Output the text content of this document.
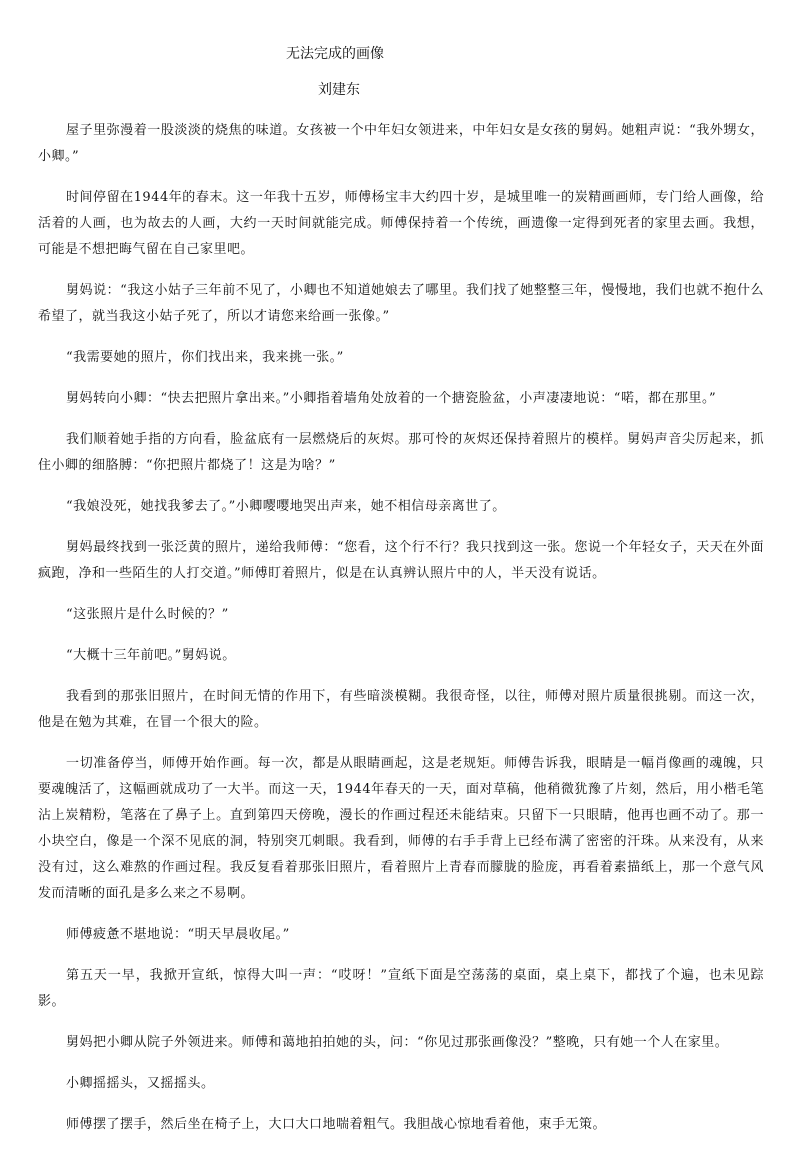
无法完成的画像
刘建东

屋子里弥漫着一股淡淡的烧焦的味道。女孩被一个中年妇女领进来，中年妇女是女孩的舅妈。她粗声说：“我外甥女，小卿。”

时间停留在1944年的春末。这一年我十五岁，师傅杨宝丰大约四十岁，是城里唯一的炭精画画师，专门给人画像，给活着的人画，也为故去的人画，大约一天时间就能完成。师傅保持着一个传统，画遗像一定得到死者的家里去画。我想，可能是不想把晦气留在自己家里吧。

舅妈说：“我这小姑子三年前不见了，小卿也不知道她娘去了哪里。我们找了她整整三年，慢慢地，我们也就不抱什么希望了，就当我这小姑子死了，所以才请您来给画一张像。”

“我需要她的照片，你们找出来，我来挑一张。”

舅妈转向小卿：“快去把照片拿出来。”小卿指着墙角处放着的一个搪瓷脸盆，小声凄凄地说：“喏，都在那里。”

我们顺着她手指的方向看，脸盆底有一层燃烧后的灰烬。那可怜的灰烬还保持着照片的模样。舅妈声音尖厉起来，抓住小卿的细胳膊：“你把照片都烧了！这是为啥？”

“我娘没死，她找我爹去了。”小卿嘤嘤地哭出声来，她不相信母亲离世了。

舅妈最终找到一张泛黄的照片，递给我师傅：“您看，这个行不行？我只找到这一张。您说一个年轻女子，天天在外面疯跑，净和一些陌生的人打交道。”师傅盯着照片，似是在认真辨认照片中的人，半天没有说话。

“这张照片是什么时候的？”

“大概十三年前吧。”舅妈说。

我看到的那张旧照片，在时间无情的作用下，有些暗淡模糊。我很奇怪，以往，师傅对照片质量很挑剔。而这一次，他是在勉为其难，在冒一个很大的险。

一切准备停当，师傅开始作画。每一次，都是从眼睛画起，这是老规矩。师傅告诉我，眼睛是一幅肖像画的魂魄，只要魂魄活了，这幅画就成功了一大半。而这一天，1944年春天的一天，面对草稿，他稍微犹豫了片刻，然后，用小楷毛笔沾上炭精粉，笔落在了鼻子上。直到第四天傍晚，漫长的作画过程还未能结束。只留下一只眼睛，他再也画不动了。那一小块空白，像是一个深不见底的洞，特别突兀刺眼。我看到，师傅的右手手背上已经布满了密密的汗珠。从来没有，从来没有过，这么难熬的作画过程。我反复看着那张旧照片，看着照片上青春而朦胧的脸庞，再看着素描纸上，那一个意气风发而清晰的面孔是多么来之不易啊。

师傅疲惫不堪地说：“明天早晨收尾。”

第五天一早，我掀开宣纸，惊得大叫一声：“哎呀！”宣纸下面是空荡荡的桌面，桌上桌下，都找了个遍，也未见踪影。

舅妈把小卿从院子外领进来。师傅和蔼地拍拍她的头，问：“你见过那张画像没？”整晚，只有她一个人在家里。

小卿摇摇头，又摇摇头。

师傅摆了摆手，然后坐在椅子上，大口大口地喘着粗气。我胆战心惊地看着他，束手无策。
